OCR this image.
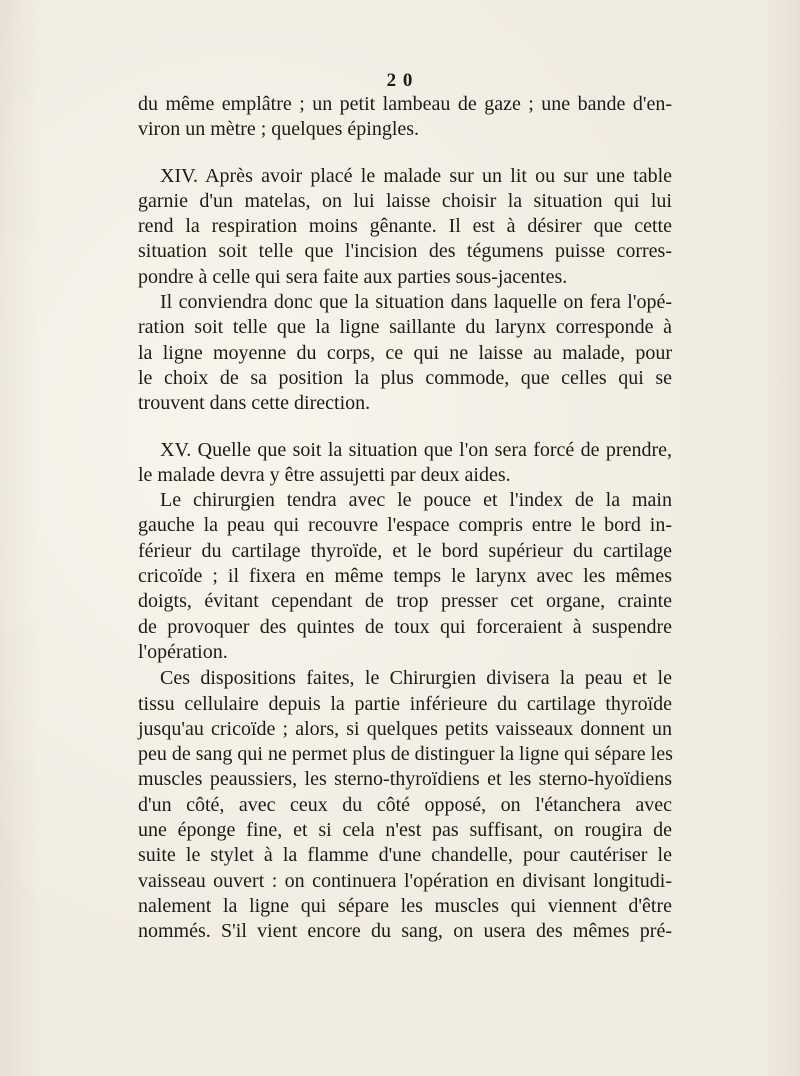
2 0

du même emplâtre ; un petit lambeau de gaze ; une bande d'en-
viron un mètre ; quelques épingles.

XIV. Après avoir placé le malade sur un lit ou sur une table
garnie d'un matelas, on lui laisse choisir la situation qui lui
rend la respiration moins gênante. Il est à désirer que cette
situation soit telle que l'incision des tégumens puisse corres-
pondre à celle qui sera faite aux parties sous-jacentes.

Il conviendra donc que la situation dans laquelle on fera l'opé-
ration soit telle que la ligne saillante du larynx corresponde à
la ligne moyenne du corps, ce qui ne laisse au malade, pour
le choix de sa position la plus commode, que celles qui se
trouvent dans cette direction.

XV. Quelle que soit la situation que l'on sera forcé de prendre,
le malade devra y être assujetti par deux aides.

Le chirurgien tendra avec le pouce et l'index de la main
gauche la peau qui recouvre l'espace compris entre le bord in-
férieur du cartilage thyroïde, et le bord supérieur du cartilage
cricoïde ; il fixera en même temps le larynx avec les mêmes
doigts, évitant cependant de trop presser cet organe, crainte
de provoquer des quintes de toux qui forceraient à suspendre
l'opération.

Ces dispositions faites, le Chirurgien divisera la peau et le
tissu cellulaire depuis la partie inférieure du cartilage thyroïde
jusqu'au cricoïde ; alors, si quelques petits vaisseaux donnent un
peu de sang qui ne permet plus de distinguer la ligne qui sépare les
muscles peaussiers, les sterno-thyroïdiens et les sterno-hyoïdiens
d'un côté, avec ceux du côté opposé, on l'étanchera avec
une éponge fine, et si cela n'est pas suffisant, on rougira de
suite le stylet à la flamme d'une chandelle, pour cautériser le
vaisseau ouvert : on continuera l'opération en divisant longitudi-
nalement la ligne qui sépare les muscles qui viennent d'être
nommés. S'il vient encore du sang, on usera des mêmes pré-
